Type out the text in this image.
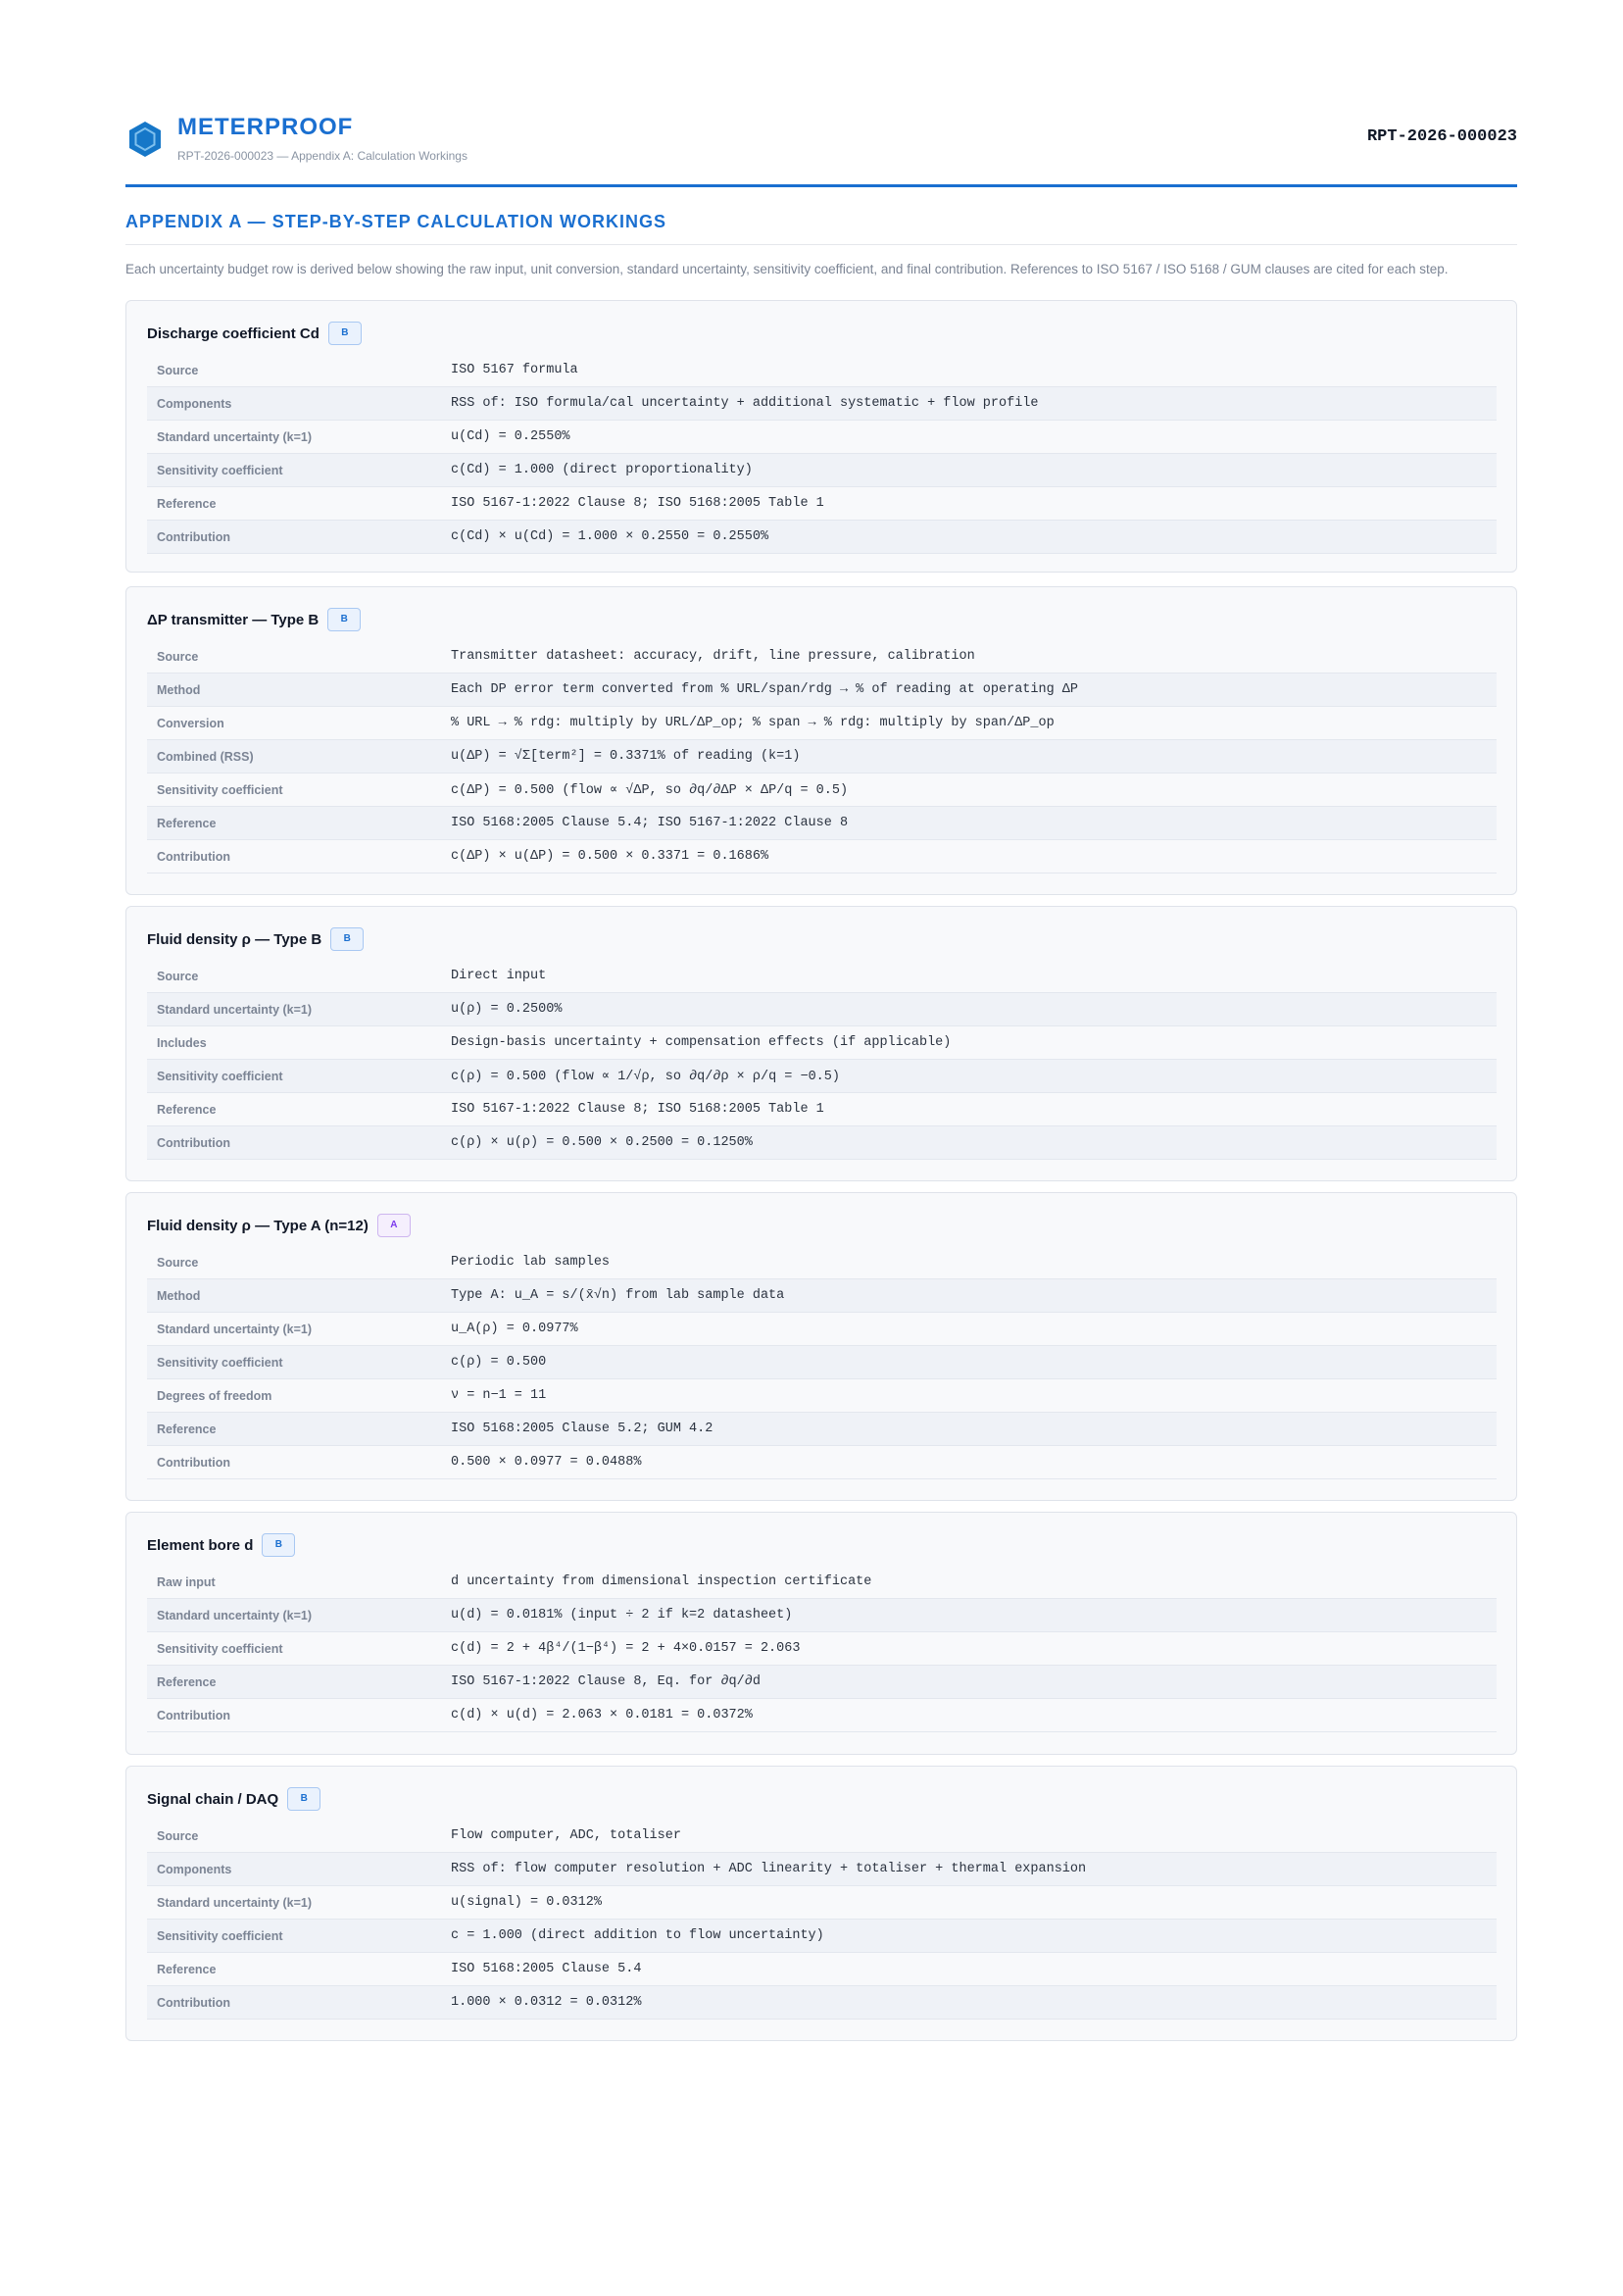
METERPROOF
RPT-2026-000023 — Appendix A: Calculation Workings
RPT-2026-000023
APPENDIX A — STEP-BY-STEP CALCULATION WORKINGS
Each uncertainty budget row is derived below showing the raw input, unit conversion, standard uncertainty, sensitivity coefficient, and final contribution. References to ISO 5167 / ISO 5168 / GUM clauses are cited for each step.
Discharge coefficient Cd	B
Source	ISO 5167 formula
Components	RSS of: ISO formula/cal uncertainty + additional systematic + flow profile
Standard uncertainty (k=1)	u(Cd) = 0.2550%
Sensitivity coefficient	c(Cd) = 1.000 (direct proportionality)
Reference	ISO 5167-1:2022 Clause 8; ISO 5168:2005 Table 1
Contribution	c(Cd) × u(Cd) = 1.000 × 0.2550 = 0.2550%
ΔP transmitter — Type B	B
Source	Transmitter datasheet: accuracy, drift, line pressure, calibration
Method	Each DP error term converted from % URL/span/rdg → % of reading at operating ΔP
Conversion	% URL → % rdg: multiply by URL/ΔP_op; % span → % rdg: multiply by span/ΔP_op
Combined (RSS)	u(ΔP) = √Σ[term²] = 0.3371% of reading (k=1)
Sensitivity coefficient	c(ΔP) = 0.500 (flow ∝ √ΔP, so ∂q/∂ΔP × ΔP/q = 0.5)
Reference	ISO 5168:2005 Clause 5.4; ISO 5167-1:2022 Clause 8
Contribution	c(ΔP) × u(ΔP) = 0.500 × 0.3371 = 0.1686%
Fluid density ρ — Type B	B
Source	Direct input
Standard uncertainty (k=1)	u(ρ) = 0.2500%
Includes	Design-basis uncertainty + compensation effects (if applicable)
Sensitivity coefficient	c(ρ) = 0.500 (flow ∝ 1/√ρ, so ∂q/∂ρ × ρ/q = −0.5)
Reference	ISO 5167-1:2022 Clause 8; ISO 5168:2005 Table 1
Contribution	c(ρ) × u(ρ) = 0.500 × 0.2500 = 0.1250%
Fluid density ρ — Type A (n=12)	A
Source	Periodic lab samples
Method	Type A: u_A = s/(x̄√n) from lab sample data
Standard uncertainty (k=1)	u_A(ρ) = 0.0977%
Sensitivity coefficient	c(ρ) = 0.500
Degrees of freedom	ν = n−1 = 11
Reference	ISO 5168:2005 Clause 5.2; GUM 4.2
Contribution	0.500 × 0.0977 = 0.0488%
Element bore d	B
Raw input	d uncertainty from dimensional inspection certificate
Standard uncertainty (k=1)	u(d) = 0.0181% (input ÷ 2 if k=2 datasheet)
Sensitivity coefficient	c(d) = 2 + 4β⁴/(1−β⁴) = 2 + 4×0.0157 = 2.063
Reference	ISO 5167-1:2022 Clause 8, Eq. for ∂q/∂d
Contribution	c(d) × u(d) = 2.063 × 0.0181 = 0.0372%
Signal chain / DAQ	B
Source	Flow computer, ADC, totaliser
Components	RSS of: flow computer resolution + ADC linearity + totaliser + thermal expansion
Standard uncertainty (k=1)	u(signal) = 0.0312%
Sensitivity coefficient	c = 1.000 (direct addition to flow uncertainty)
Reference	ISO 5168:2005 Clause 5.4
Contribution	1.000 × 0.0312 = 0.0312%
